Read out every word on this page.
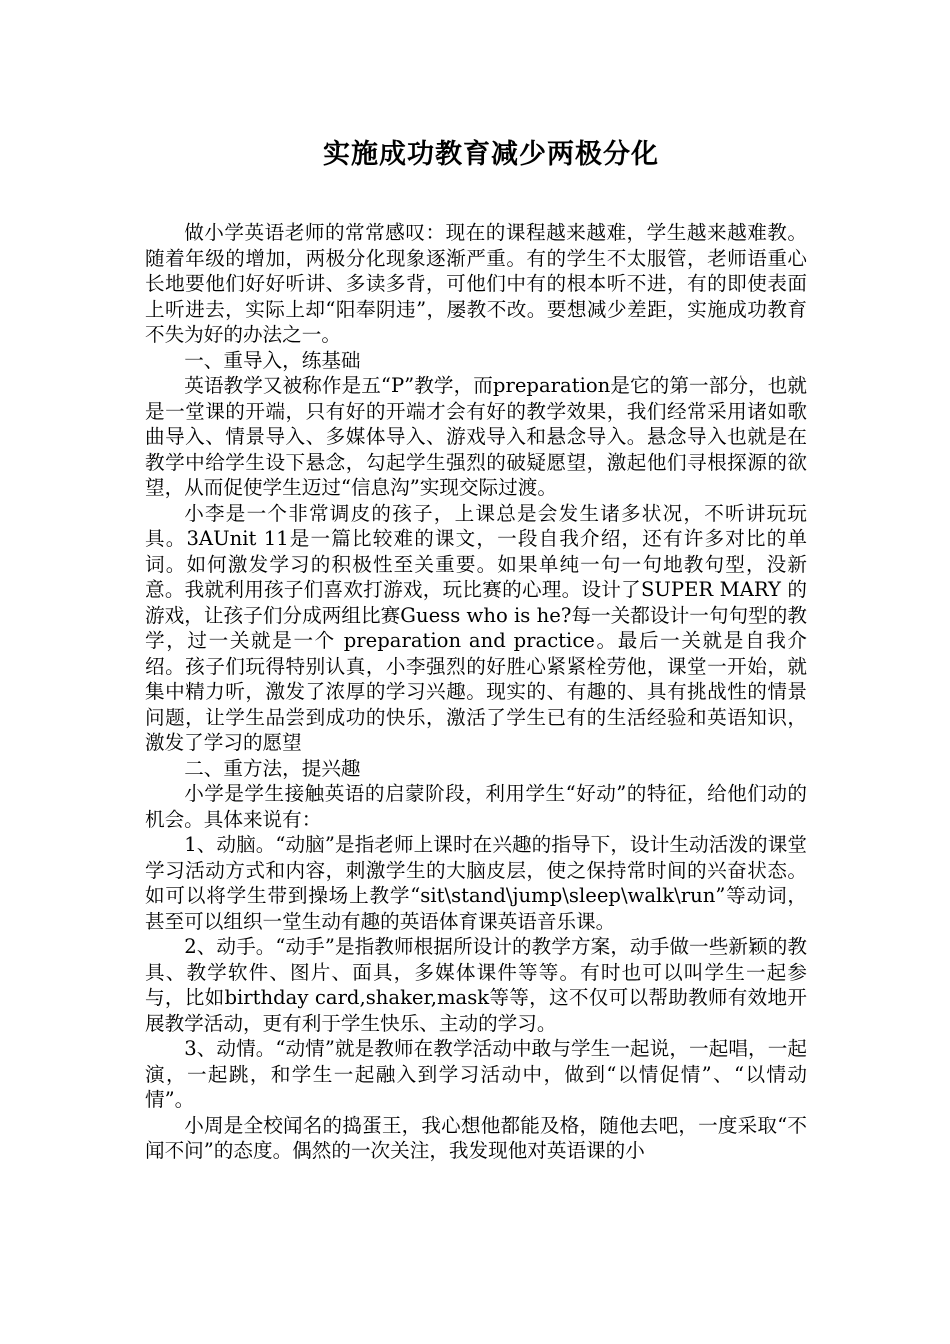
实施成功教育减少两极分化

做小学英语老师的常常感叹：现在的课程越来越难，学生越来越难教。随着年级的增加，两极分化现象逐渐严重。有的学生不太服管，老师语重心长地要他们好好听讲、多读多背，可他们中有的根本听不进，有的即使表面上听进去，实际上却“阳奉阴违”，屡教不改。要想减少差距，实施成功教育不失为好的办法之一。

一、重导入，练基础

英语教学又被称作是五“P”教学，而preparation是它的第一部分，也就是一堂课的开端，只有好的开端才会有好的教学效果，我们经常采用诸如歌曲导入、情景导入、多媒体导入、游戏导入和悬念导入。悬念导入也就是在教学中给学生设下悬念，勾起学生强烈的破疑愿望，激起他们寻根探源的欲望，从而促使学生迈过“信息沟”实现交际过渡。

小李是一个非常调皮的孩子，上课总是会发生诸多状况，不听讲玩玩具。3AUnit 11是一篇比较难的课文，一段自我介绍，还有许多对比的单词。如何激发学习的积极性至关重要。如果单纯一句一句地教句型，没新意。我就利用孩子们喜欢打游戏，玩比赛的心理。设计了SUPER MARY 的游戏，让孩子们分成两组比赛Guess who is he?每一关都设计一句句型的教学，过一关就是一个 preparation and practice。最后一关就是自我介绍。孩子们玩得特别认真，小李强烈的好胜心紧紧栓劳他，课堂一开始，就集中精力听，激发了浓厚的学习兴趣。现实的、有趣的、具有挑战性的情景问题，让学生品尝到成功的快乐，激活了学生已有的生活经验和英语知识，激发了学习的愿望

二、重方法，提兴趣

小学是学生接触英语的启蒙阶段，利用学生“好动”的特征，给他们动的机会。具体来说有：

1、动脑。“动脑”是指老师上课时在兴趣的指导下，设计生动活泼的课堂学习活动方式和内容，刺激学生的大脑皮层，使之保持常时间的兴奋状态。如可以将学生带到操场上教学“sit\stand\jump\sleep\walk\run”等动词，甚至可以组织一堂生动有趣的英语体育课英语音乐课。

2、动手。“动手”是指教师根据所设计的教学方案，动手做一些新颖的教具、教学软件、图片、面具，多媒体课件等等。有时也可以叫学生一起参与，比如birthday card,shaker,mask等等，这不仅可以帮助教师有效地开展教学活动，更有利于学生快乐、主动的学习。

3、动情。“动情”就是教师在教学活动中敢与学生一起说，一起唱，一起演，一起跳，和学生一起融入到学习活动中，做到“以情促情”、“以情动情”。

小周是全校闻名的捣蛋王，我心想他都能及格，随他去吧，一度采取“不闻不问”的态度。偶然的一次关注，我发现他对英语课的小
